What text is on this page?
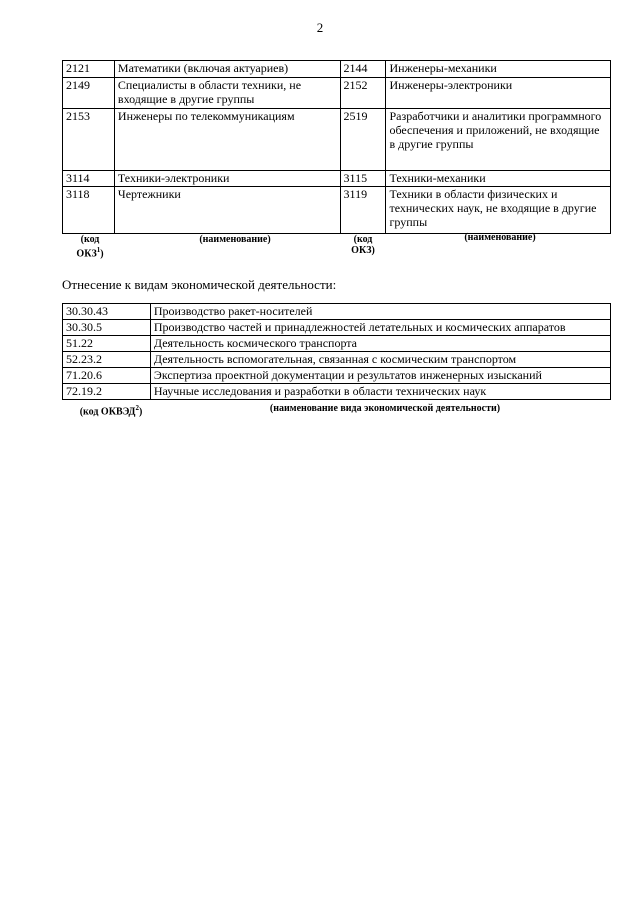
2
2121	Математики (включая актуариев)	2144	Инженеры-механики
2149	Специалисты в области техники, не входящие в другие группы	2152	Инженеры-электроники
2153	Инженеры по телекоммуникациям	2519	Разработчики и аналитики программного обеспечения и приложений, не входящие в другие группы
3114	Техники-электроники	3115	Техники-механики
3118	Чертежники	3119	Техники в области физических и технических наук, не входящие в другие группы
(код
ОКЗ$^1$)
(наименование)	(код
ОКЗ)
(наименование)
Отнесение к видам экономической деятельности:
30.30.43	Производство ракет-носителей
30.30.5	Производство частей и принадлежностей летательных и космических аппаратов
51.22	Деятельность космического транспорта
52.23.2	Деятельность вспомогательная, связанная с космическим транспортом
71.20.6	Экспертиза проектной документации и результатов инженерных изысканий
72.19.2	Научные исследования и разработки в области технических наук
(код ОКВЭД$^2$)	(наименование вида экономической деятельности)
